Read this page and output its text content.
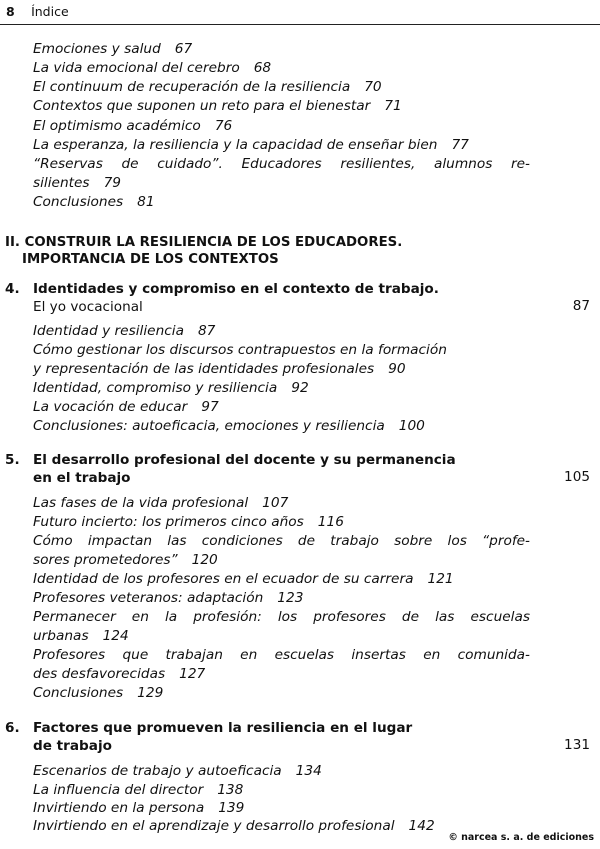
8 Índice
Emociones y salud 67
La vida emocional del cerebro 68
El continuum de recuperación de la resiliencia 70
Contextos que suponen un reto para el bienestar 71
El optimismo académico 76
La esperanza, la resiliencia y la capacidad de enseñar bien 77
“Reservas de cuidado”. Educadores resilientes, alumnos re-
silientes 79
Conclusiones 81
II. CONSTRUIR LA RESILIENCIA DE LOS EDUCADORES.
IMPORTANCIA DE LOS CONTEXTOS
4. Identidades y compromiso en el contexto de trabajo.
El yo vocacional	87
Identidad y resiliencia 87
Cómo gestionar los discursos contrapuestos en la formación
y representación de las identidades profesionales 90
Identidad, compromiso y resiliencia 92
La vocación de educar 97
Conclusiones: autoeficacia, emociones y resiliencia 100
5. El desarrollo profesional del docente y su permanencia
en el trabajo	105
Las fases de la vida profesional 107
Futuro incierto: los primeros cinco años 116
Cómo impactan las condiciones de trabajo sobre los “profe-
sores prometedores” 120
Identidad de los profesores en el ecuador de su carrera 121
Profesores veteranos: adaptación 123
Permanecer en la profesión: los profesores de las escuelas
urbanas 124
Profesores que trabajan en escuelas insertas en comunida-
des desfavorecidas 127
Conclusiones 129
6. Factores que promueven la resiliencia en el lugar
de trabajo	131
Escenarios de trabajo y autoeficacia 134
La influencia del director 138
Invirtiendo en la persona 139
Invirtiendo en el aprendizaje y desarrollo profesional 142
© narcea s. a. de ediciones
